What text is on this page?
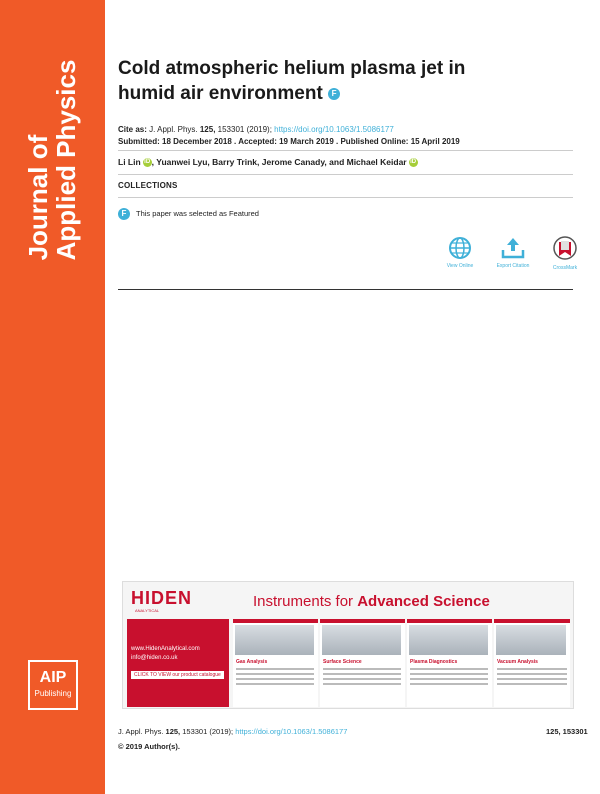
Journal of
Applied Physics
AIP
Publishing
Cold atmospheric helium plasma jet in
humid air environment F
Cite as: J. Appl. Phys. 125, 153301 (2019); https://doi.org/10.1063/1.5086177
Submitted: 18 December 2018 . Accepted: 19 March 2019 . Published Online: 15 April 2019
Li Lin iD , Yuanwei Lyu, Barry Trink, Jerome Canady, and Michael Keidar iD
COLLECTIONS
F This paper was selected as Featured
View Online	Export Citation	CrossMark
HIDEN
ANALYTICAL
Instruments for Advanced Science
www.HidenAnalytical.com
info@hiden.co.uk
CLICK TO VIEW our product catalogue
Gas Analysis	Surface Science	Plasma Diagnostics	Vacuum Analysis
J. Appl. Phys. 125, 153301 (2019); https://doi.org/10.1063/1.5086177	125, 153301
© 2019 Author(s).
